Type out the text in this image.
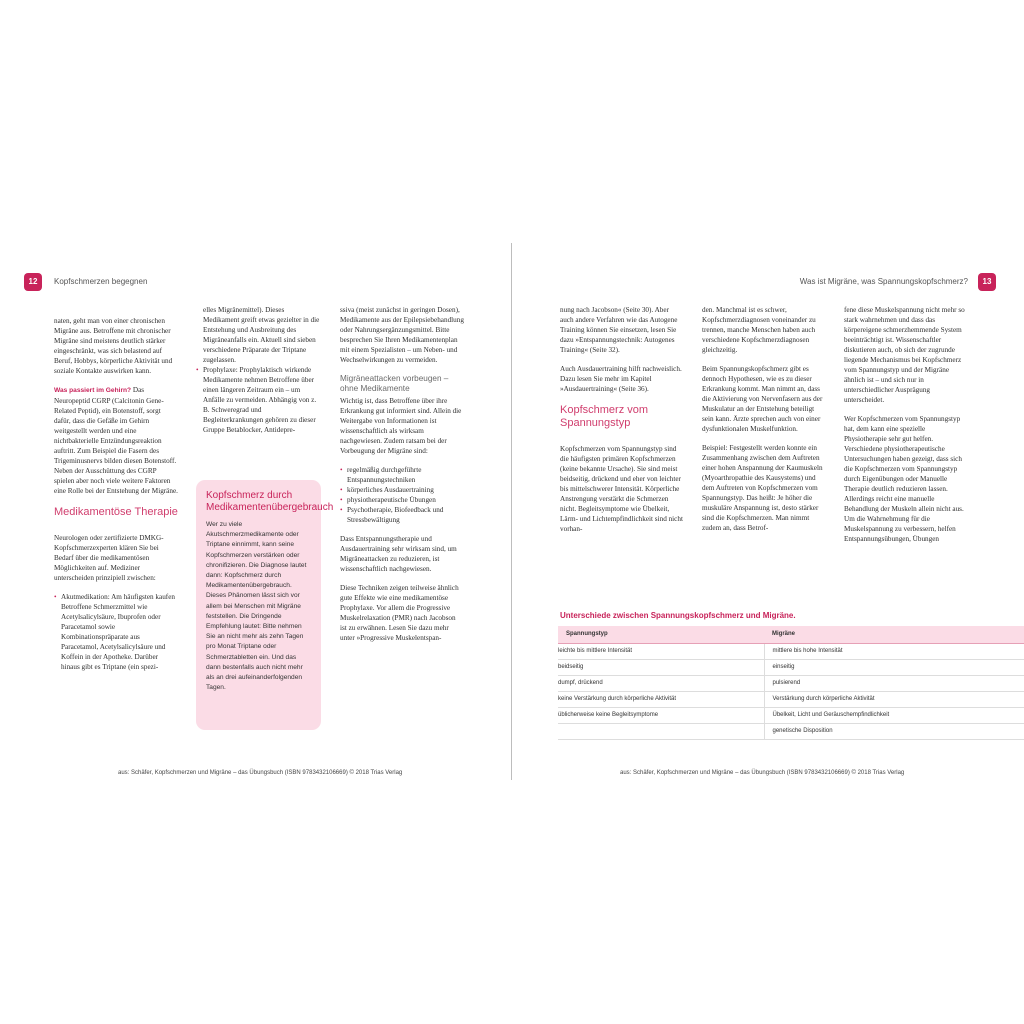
12	Kopfschmerzen begegnen

naten, geht man von einer chronischen Migräne aus. Betroffene mit chronischer Migräne sind meistens deutlich stärker eingeschränkt, was sich belastend auf Beruf, Hobbys, körperliche Aktivität und soziale Kontakte auswirken kann.

Was passiert im Gehirn? Das Neuropeptid CGRP (Calcitonin Gene-Related Peptid), ein Botenstoff, sorgt dafür, dass die Gefäße im Gehirn weitgestellt werden und eine nichtbakterielle Entzündungsreaktion auftritt. Zum Beispiel die Fasern des Trigeminusnervs bilden diesen Botenstoff. Neben der Ausschüttung des CGRP spielen aber noch viele weitere Faktoren eine Rolle bei der Entstehung der Migräne.

Medikamentöse Therapie

Neurologen oder zertifizierte DMKG-Kopfschmerzexperten klären Sie bei Bedarf über die medikamentösen Möglichkeiten auf. Mediziner unterscheiden prinzipiell zwischen:

• Akutmedikation: Am häufigsten kaufen Betroffene Schmerzmittel wie Acetylsalicylsäure, Ibuprofen oder Paracetamol sowie Kombinationspräparate aus Paracetamol, Acetylsalicylsäure und Koffein in der Apotheke. Darüber hinaus gibt es Triptane (ein spezi-

elles Migränemittel). Dieses Medikament greift etwas gezielter in die Entstehung und Ausbreitung des Migräneanfalls ein. Aktuell sind sieben verschiedene Präparate der Triptane zugelassen.

• Prophylaxe: Prophylaktisch wirkende Medikamente nehmen Betroffene über einen längeren Zeitraum ein – um Anfälle zu vermeiden. Abhängig von z. B. Schweregrad und Begleiterkrankungen gehören zu dieser Gruppe Betablocker, Antidepre-
Kopfschmerz durch Medikamentenübergebrauch
Wer zu viele Akutschmerzmedikamente oder Triptane einnimmt, kann seine Kopfschmerzen verstärken oder chronifizieren. Die Diagnose lautet dann: Kopfschmerz durch Medikamentenübergebrauch. Dieses Phänomen lässt sich vor allem bei Menschen mit Migräne feststellen. Die Dringende Empfehlung lautet: Bitte nehmen Sie an nicht mehr als zehn Tagen pro Monat Triptane oder Schmerztabletten ein. Und das dann bestenfalls auch nicht mehr als an drei aufeinanderfolgenden Tagen.

ssiva (meist zunächst in geringen Dosen), Medikamente aus der Epilepsiebehandlung oder Nahrungsergänzungsmittel. Bitte besprechen Sie Ihren Medikamentenplan mit einem Spezialisten – um Neben- und Wechselwirkungen zu vermeiden.

Migräneattacken vorbeugen – ohne Medikamente

Wichtig ist, dass Betroffene über ihre Erkrankung gut informiert sind. Allein die Weitergabe von Informationen ist wissenschaftlich als wirksam nachgewiesen. Zudem ratsam bei der Vorbeugung der Migräne sind:

• regelmäßig durchgeführte Entspannungstechniken
• körperliches Ausdauertraining
• physiotherapeutische Übungen
• Psychotherapie, Biofeedback und Stressbewältigung

Dass Entspannungstherapie und Ausdauertraining sehr wirksam sind, um Migräneattacken zu reduzieren, ist wissenschaftlich nachgewiesen.

Diese Techniken zeigen teilweise ähnlich gute Effekte wie eine medikamentöse Prophylaxe. Vor allem die Progressive Muskelrelaxation (PMR) nach Jacobson ist zu erwähnen. Lesen Sie dazu mehr unter »Progressive Muskelentspan-

aus: Schäfer, Kopfschmerzen und Migräne – das Übungsbuch (ISBN 9783432106669) © 2018 Trias Verlag
Was ist Migräne, was Spannungskopfschmerz?	13

nung nach Jacobson« (Seite 30). Aber auch andere Verfahren wie das Autogene Training können Sie einsetzen, lesen Sie dazu »Entspannungstechnik: Autogenes Training« (Seite 32).

Auch Ausdauertraining hilft nachweislich. Dazu lesen Sie mehr im Kapitel »Ausdauertraining« (Seite 36).

Kopfschmerz vom Spannungstyp

Kopfschmerzen vom Spannungstyp sind die häufigsten primären Kopfschmerzen (keine bekannte Ursache). Sie sind meist beidseitig, drückend und eher von leichter bis mittelschwerer Intensität. Körperliche Anstrengung verstärkt die Schmerzen nicht. Begleitsymptome wie Übelkeit, Lärm- und Lichtempfindlichkeit sind nicht vorhan-

den. Manchmal ist es schwer, Kopfschmerzdiagnosen voneinander zu trennen, manche Menschen haben auch verschiedene Kopfschmerzdiagnosen gleichzeitig.

Beim Spannungskopfschmerz gibt es dennoch Hypothesen, wie es zu dieser Erkrankung kommt. Man nimmt an, dass die Aktivierung von Nervenfasern aus der Muskulatur an der Entstehung beteiligt sein kann. Ärzte sprechen auch von einer dysfunktionalen Muskelfunktion.

Beispiel: Festgestellt werden konnte ein Zusammenhang zwischen dem Auftreten einer hohen Anspannung der Kaumuskeln (Myoarthropathie des Kausystems) und dem Auftreten von Kopfschmerzen vom Spannungstyp. Das heißt: Je höher die muskuläre Anspannung ist, desto stärker sind die Kopfschmerzen. Man nimmt zudem an, dass Betrof-

fene diese Muskelspannung nicht mehr so stark wahrnehmen und dass das körpereigene schmerzhemmende System beeinträchtigt ist. Wissenschaftler diskutieren auch, ob sich der zugrunde liegende Mechanismus bei Kopfschmerz vom Spannungstyp und der Migräne ähnlich ist – und sich nur in unterschiedlicher Ausprägung unterscheidet.

Wer Kopfschmerzen vom Spannungstyp hat, dem kann eine spezielle Physiotherapie sehr gut helfen. Verschiedene physiotherapeutische Untersuchungen haben gezeigt, dass sich die Kopfschmerzen vom Spannungstyp durch Eigenübungen oder Manuelle Therapie deutlich reduzieren lassen. Allerdings reicht eine manuelle Behandlung der Muskeln allein nicht aus. Um die Wahrnehmung für die Muskelspannung zu verbessern, helfen Entspannungsübungen, Übungen

Unterschiede zwischen Spannungskopfschmerz und Migräne.
Spannungstyp	Migräne
leichte bis mittlere Intensität	mittlere bis hohe Intensität
beidseitig	einseitig
dumpf, drückend	pulsierend
keine Verstärkung durch körperliche Aktivität	Verstärkung durch körperliche Aktivität
üblicherweise keine Begleitsymptome	Übelkeit, Licht und Geräuschempfindlichkeit
	genetische Disposition
aus: Schäfer, Kopfschmerzen und Migräne – das Übungsbuch (ISBN 9783432106669) © 2018 Trias Verlag
